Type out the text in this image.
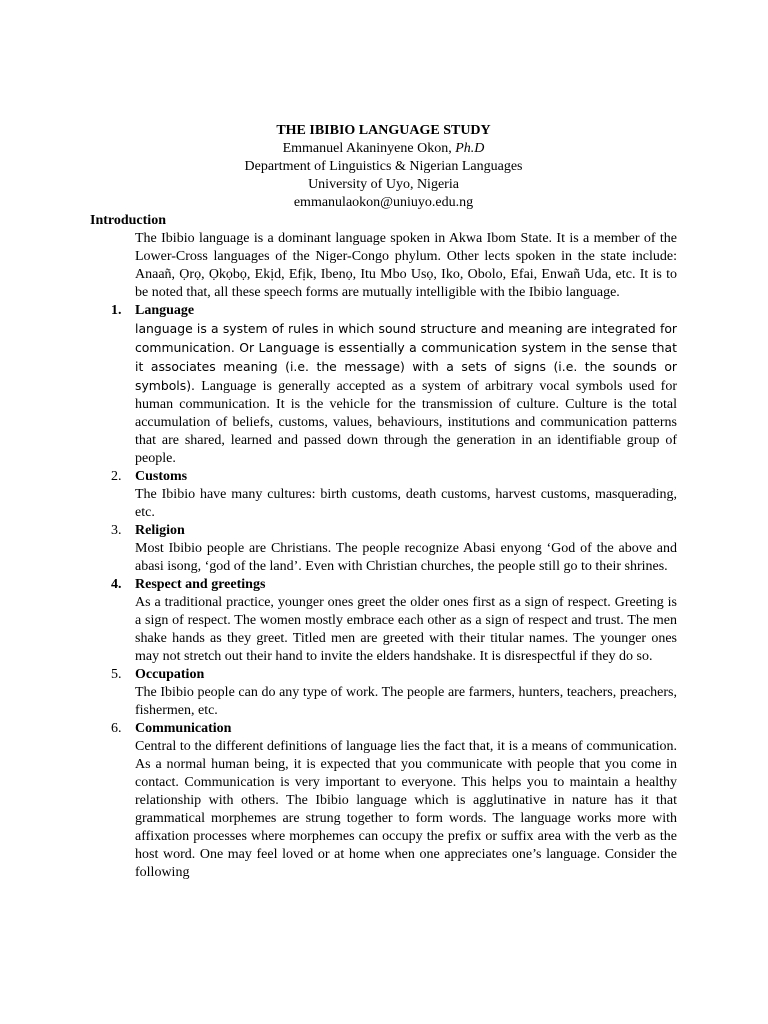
THE IBIBIO LANGUAGE STUDY
Emmanuel Akaninyene Okon, Ph.D
Department of Linguistics & Nigerian Languages
University of Uyo, Nigeria
emmanulaokon@uniuyo.edu.ng
Introduction
The Ibibio language is a dominant language spoken in Akwa Ibom State. It is a member of the Lower-Cross languages of the Niger-Congo phylum. Other lects spoken in the state include: Anaañ, Ọrọ, Ọkọbọ, Ekịd, Efịk, Ibenọ, Itu Mbo Usọ, Iko, Obolo, Efai, Enwañ Uda, etc. It is to be noted that, all these speech forms are mutually intelligible with the Ibibio language.
1. Language
language is a system of rules in which sound structure and meaning are integrated for communication. Or Language is essentially a communication system in the sense that it associates meaning (i.e. the message) with a sets of signs (i.e. the sounds or symbols). Language is generally accepted as a system of arbitrary vocal symbols used for human communication. It is the vehicle for the transmission of culture. Culture is the total accumulation of beliefs, customs, values, behaviours, institutions and communication patterns that are shared, learned and passed down through the generation in an identifiable group of people.
2. Customs
The Ibibio have many cultures: birth customs, death customs, harvest customs, masquerading, etc.
3. Religion
Most Ibibio people are Christians. The people recognize Abasi enyong ‘God of the above and abasi isong, ‘god of the land’. Even with Christian churches, the people still go to their shrines.
4. Respect and greetings
As a traditional practice, younger ones greet the older ones first as a sign of respect. Greeting is a sign of respect. The women mostly embrace each other as a sign of respect and trust. The men shake hands as they greet. Titled men are greeted with their titular names. The younger ones may not stretch out their hand to invite the elders handshake. It is disrespectful if they do so.
5. Occupation
The Ibibio people can do any type of work. The people are farmers, hunters, teachers, preachers, fishermen, etc.
6. Communication
Central to the different definitions of language lies the fact that, it is a means of communication. As a normal human being, it is expected that you communicate with people that you come in contact. Communication is very important to everyone. This helps you to maintain a healthy relationship with others. The Ibibio language which is agglutinative in nature has it that grammatical morphemes are strung together to form words. The language works more with affixation processes where morphemes can occupy the prefix or suffix area with the verb as the host word. One may feel loved or at home when one appreciates one’s language. Consider the following
